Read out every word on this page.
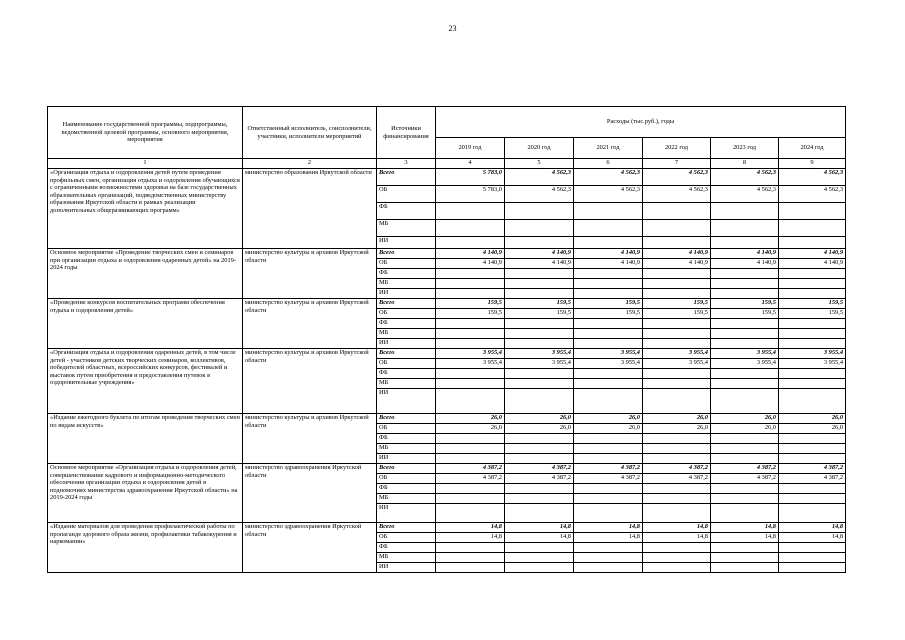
23
Наименование государственной программы, подпрограммы, ведомственной целевой программы, основного мероприятия, мероприятия	Ответственный исполнитель, соисполнители, участники, исполнители мероприятий	Источники финансирования	Расходы (тыс.руб.), годы					
			2019 год	2020 год	2021 год	2022 год	2023 год	2024 год
1	2	3	4	5	6	7	8	9
«Организация отдыха и оздоровления детей путем проведения профильных смен, организация отдыха и оздоровления обучающихся с ограниченными возможностями здоровья на базе государственных образовательных организаций, подведомственных министерству образования Иркутской области в рамках реализации дополнительных общеразвивающих программ»	министерство образования Иркутской области	Всего	5 783,0	4 562,3	4 562,3	4 562,3	4 562,3	4 562,3
		ОБ	5 783,0	4 562,3	4 562,3	4 562,3	4 562,3	4 562,3
		ФБ						
		МБ						
		ИИ						
Основное мероприятие «Проведение творческих смен и семинаров при организации отдыха и оздоровления одаренных детей» на 2019-2024 годы	министерство культуры и архивов Иркутской области	Всего	4 140,9	4 140,9	4 140,9	4 140,9	4 140,9	4 140,9
		ОБ	4 140,9	4 140,9	4 140,9	4 140,9	4 140,9	4 140,9
		ФБ						
		МБ						
		ИИ						
«Проведение конкурсов воспитательных программ обеспечения отдыха и оздоровления детей»	министерство культуры и архивов Иркутской области	Всего	159,5	159,5	159,5	159,5	159,5	159,5
		ОБ	159,5	159,5	159,5	159,5	159,5	159,5
		ФБ						
		МБ						
		ИИ						
«Организация отдыха и оздоровления одаренных детей, в том числе детей - участников детских творческих семинаров, коллективов, победителей областных, всероссийских конкурсов, фестивалей и выставок путем приобретения и предоставления путевок в оздоровительные учреждения»	министерство культуры и архивов Иркутской области	Всего	3 955,4	3 955,4	3 955,4	3 955,4	3 955,4	3 955,4
		ОБ	3 955,4	3 955,4	3 955,4	3 955,4	3 955,4	3 955,4
		ФБ						
		МБ						
		ИИ						
«Издание ежегодного буклета по итогам проведения творческих смен по видам искусств»	министерство культуры и архивов Иркутской области	Всего	26,0	26,0	26,0	26,0	26,0	26,0
		ОБ	26,0	26,0	26,0	26,0	26,0	26,0
		ФБ						
		МБ						
		ИИ						
Основное мероприятие «Организация отдыха и оздоровления детей, совершенствование кадрового и информационно-методического обеспечения организации отдыха и оздоровления детей в подномочиях министерства здравоохранения Иркутской области» на 2019-2024 годы	министерство здравоохранения Иркутской области	Всего	4 387,2	4 387,2	4 387,2	4 387,2	4 387,2	4 387,2
		ОБ	4 387,2	4 387,2	4 387,2	4 387,2	4 387,2	4 387,2
		ФБ						
		МБ						
		ИИ						
«Издание материалов для проведения профилактической работы по пропаганде здорового образа жизни, профилактики табакокурения и наркомании»	министерство здравоохранения Иркутской области	Всего	14,8	14,8	14,8	14,8	14,8	14,8
		ОБ	14,8	14,8	14,8	14,8	14,8	14,8
		ФБ						
		МБ						
		ИИ						
